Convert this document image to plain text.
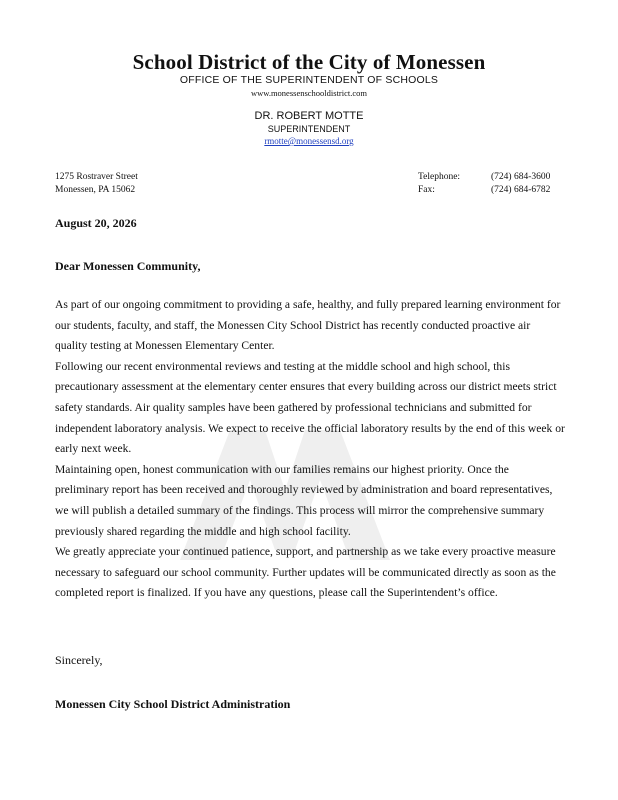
School District of the City of Monessen
OFFICE OF THE SUPERINTENDENT OF SCHOOLS
www.monessenschooldistrict.com
DR. ROBERT MOTTE
SUPERINTENDENT
rmotte@monessensd.org
1275 Rostraver Street
Monessen, PA 15062
Telephone:	(724) 684-3600
Fax:	(724) 684-6782
August 20, 2026
Dear Monessen Community,

As part of our ongoing commitment to providing a safe, healthy, and fully prepared learning environment for our students, faculty, and staff, the Monessen City School District has recently conducted proactive air quality testing at Monessen Elementary Center.

Following our recent environmental reviews and testing at the middle school and high school, this precautionary assessment at the elementary center ensures that every building across our district meets strict safety standards. Air quality samples have been gathered by professional technicians and submitted for independent laboratory analysis. We expect to receive the official laboratory results by the end of this week or early next week.

Maintaining open, honest communication with our families remains our highest priority. Once the preliminary report has been received and thoroughly reviewed by administration and board representatives, we will publish a detailed summary of the findings. This process will mirror the comprehensive summary previously shared regarding the middle and high school facility.

We greatly appreciate your continued patience, support, and partnership as we take every proactive measure necessary to safeguard our school community. Further updates will be communicated directly as soon as the completed report is finalized. If you have any questions, please call the Superintendent’s office.

Sincerely,
Monessen City School District Administration
